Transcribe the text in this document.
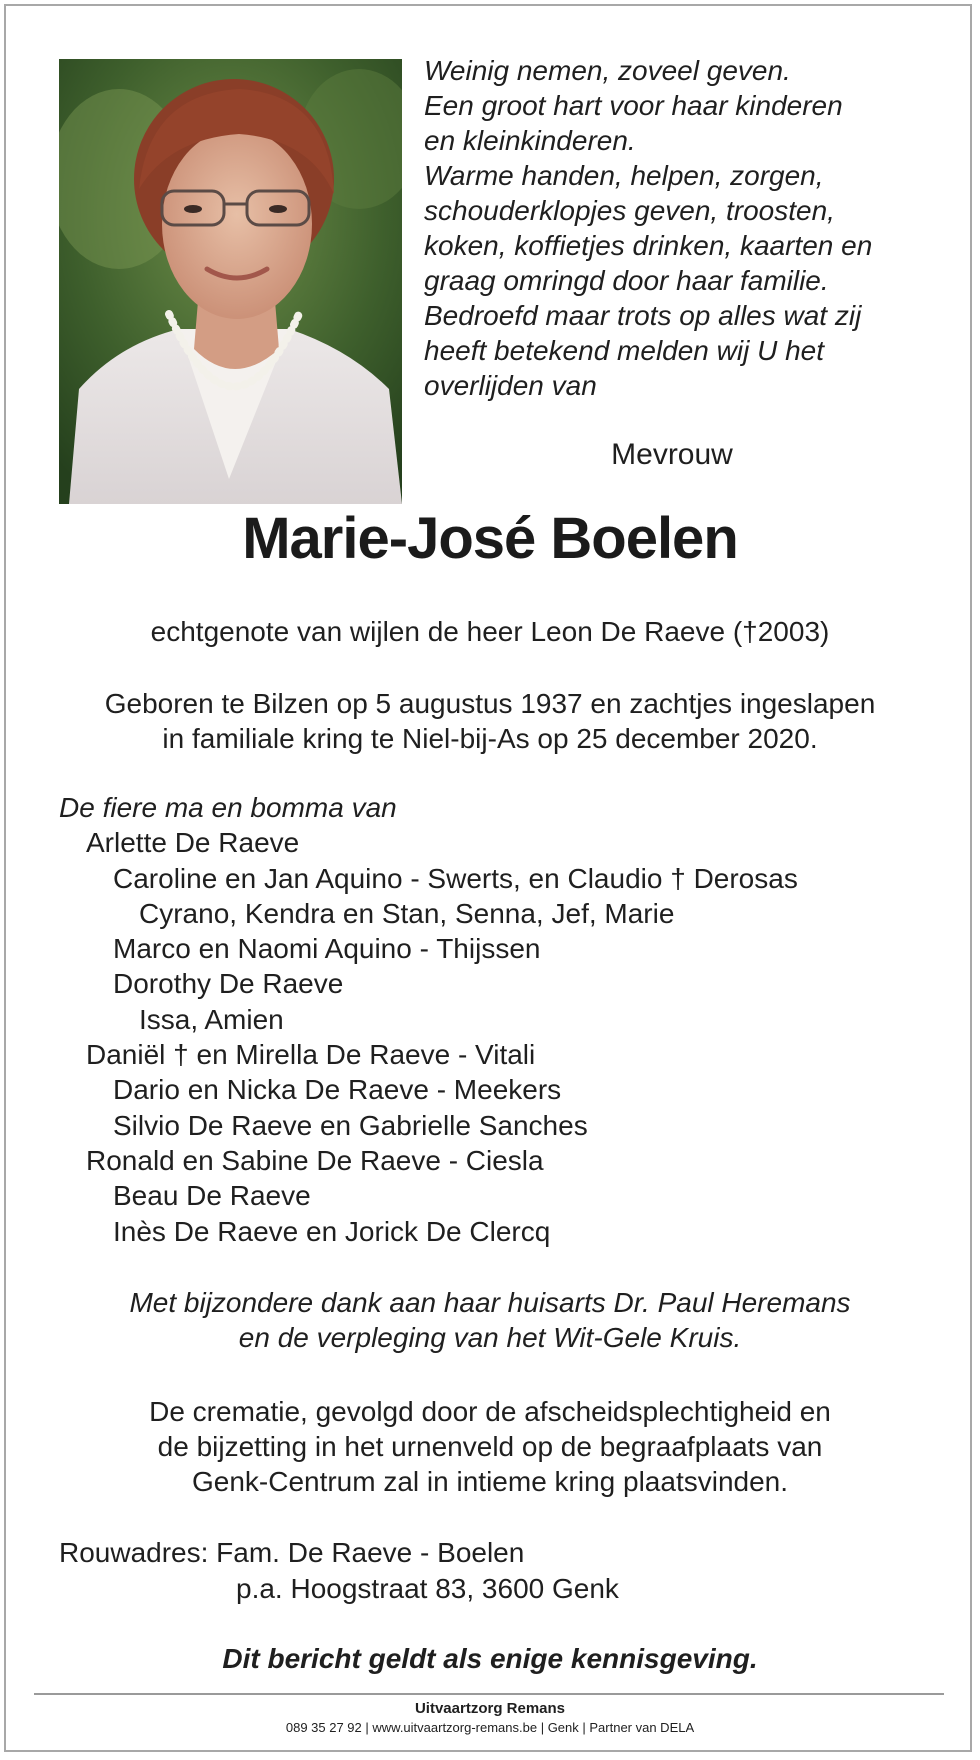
Weinig nemen, zoveel geven.
Een groot hart voor haar kinderen
en kleinkinderen.
Warme handen, helpen, zorgen,
schouderklopjes geven, troosten,
koken, koffietjes drinken, kaarten en
graag omringd door haar familie.
Bedroefd maar trots op alles wat zij
heeft betekend melden wij U het
overlijden van
Mevrouw
Marie-José Boelen
echtgenote van wijlen de heer Leon De Raeve (†2003)
Geboren te Bilzen op 5 augustus 1937 en zachtjes ingeslapen
in familiale kring te Niel-bij-As op 25 december 2020.
De fiere ma en bomma van
Arlette De Raeve
Caroline en Jan Aquino - Swerts, en Claudio † Derosas
Cyrano, Kendra en Stan, Senna, Jef, Marie
Marco en Naomi Aquino - Thijssen
Dorothy De Raeve
Issa, Amien
Daniël † en Mirella De Raeve - Vitali
Dario en Nicka De Raeve - Meekers
Silvio De Raeve en Gabrielle Sanches
Ronald en Sabine De Raeve - Ciesla
Beau De Raeve
Inès De Raeve en Jorick De Clercq
Met bijzondere dank aan haar huisarts Dr. Paul Heremans
en de verpleging van het Wit-Gele Kruis.
De crematie, gevolgd door de afscheidsplechtigheid en
de bijzetting in het urnenveld op de begraafplaats van
Genk-Centrum zal in intieme kring plaatsvinden.
Rouwadres: Fam. De Raeve - Boelen
p.a. Hoogstraat 83, 3600 Genk
Dit bericht geldt als enige kennisgeving.
Uitvaartzorg Remans
089 35 27 92 | www.uitvaartzorg-remans.be | Genk | Partner van DELA
